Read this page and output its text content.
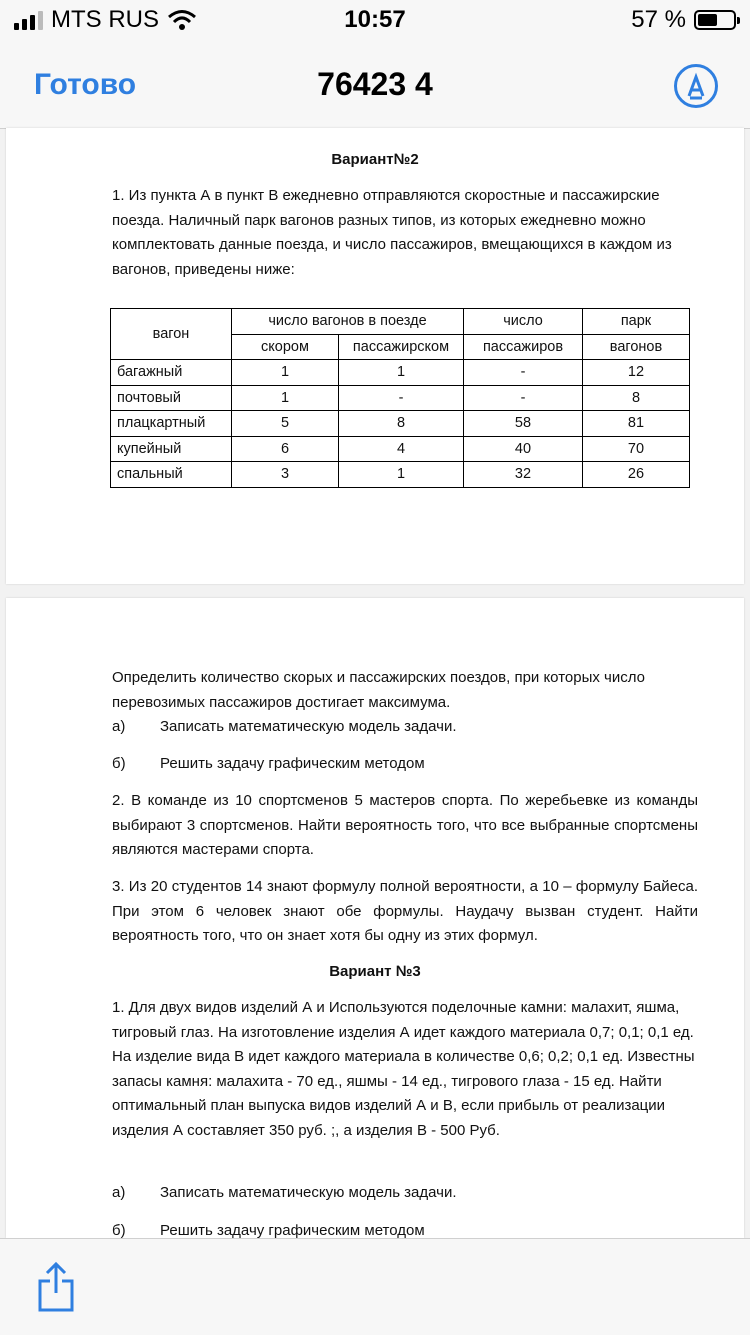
MTS RUS	10:57	57 %
Готово	76423 4
Вариант№2
1. Из пункта А в пункт В ежедневно отправляются скоростные и пассажирские поезда. Наличный парк вагонов разных типов, из которых ежедневно можно комплектовать данные поезда, и число пассажиров, вмещающихся в каждом из вагонов, приведены ниже:
вагон	число вагонов в поезде		число	парк
	скором	пассажирском	пассажиров	вагонов
багажный	1	1	-	12
почтовый	1	-	-	8
плацкартный	5	8	58	81
купейный	6	4	40	70
спальный	3	1	32	26
Определить количество скорых и пассажирских поездов, при которых число перевозимых пассажиров достигает максимума.
а)	Записать математическую модель задачи.
б)	Решить задачу графическим методом
2. В команде из 10 спортсменов 5 мастеров спорта. По жеребьевке из команды выбирают 3 спортсменов. Найти вероятность того, что все выбранные спортсмены являются мастерами спорта.
3. Из 20 студентов 14 знают формулу полной вероятности, а 10 – формулу Байеса. При этом 6 человек знают обе формулы. Наудачу вызван студент. Найти вероятность того, что он знает хотя бы одну из этих формул.
Вариант №3
1. Для двух видов изделий А и Используются поделочные камни: малахит, яшма, тигровый глаз. На изготовление изделия А идет каждого материала 0,7; 0,1; 0,1 ед. На изделие вида В идет каждого материала в количестве 0,6; 0,2; 0,1 ед. Известны запасы камня: малахита - 70 ед., яшмы - 14 ед., тигрового глаза - 15 ед. Найти оптимальный план выпуска видов изделий А и В, если прибыль от реализации изделия А составляет 350 руб. ;, а изделия В - 500 Руб.
а)	Записать математическую модель задачи.
б)	Решить задачу графическим методом
